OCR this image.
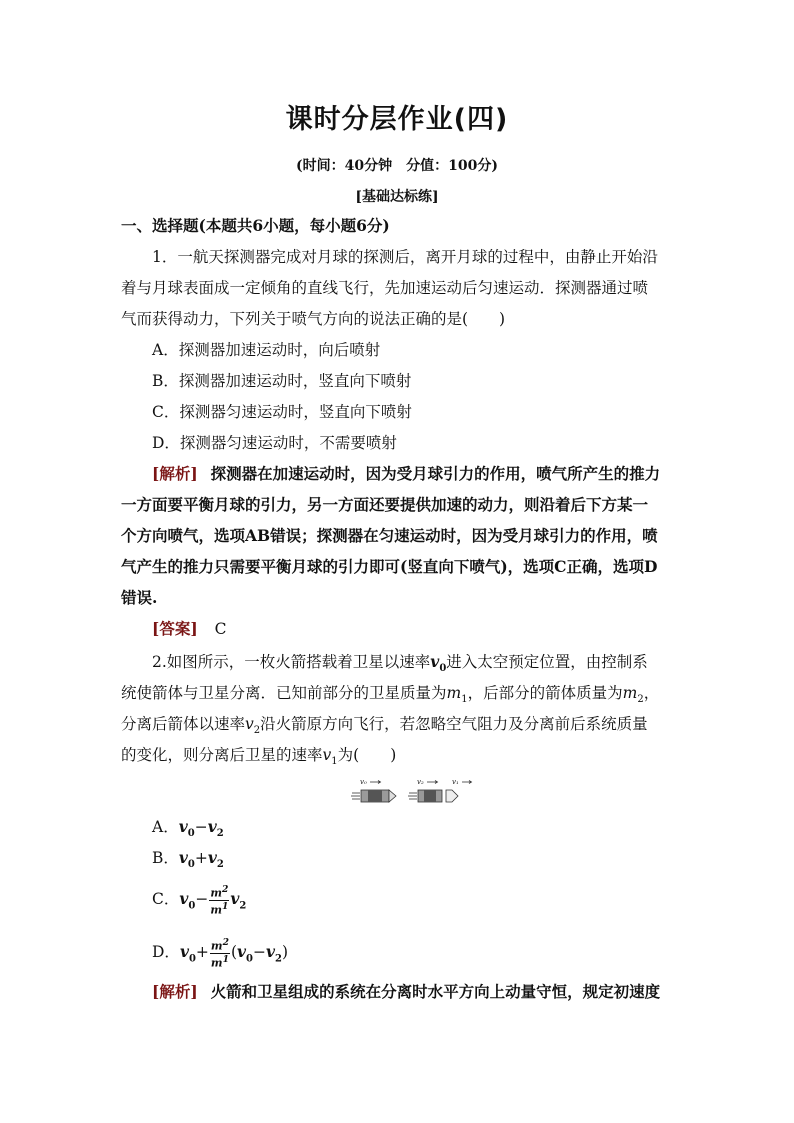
课时分层作业(四)
(时间：40分钟　分值：100分)
[基础达标练]
一、选择题(本题共6小题，每小题6分)
1．一航天探测器完成对月球的探测后，离开月球的过程中，由静止开始沿
着与月球表面成一定倾角的直线飞行，先加速运动后匀速运动．探测器通过喷
气而获得动力，下列关于喷气方向的说法正确的是(　　)
A．探测器加速运动时，向后喷射
B．探测器加速运动时，竖直向下喷射
C．探测器匀速运动时，竖直向下喷射
D．探测器匀速运动时，不需要喷射
[解析] 探测器在加速运动时，因为受月球引力的作用，喷气所产生的推力
一方面要平衡月球的引力，另一方面还要提供加速的动力，则沿着后下方某一
个方向喷气，选项AB错误；探测器在匀速运动时，因为受月球引力的作用，喷
气产生的推力只需要平衡月球的引力即可(竖直向下喷气)，选项C正确，选项D
错误.
[答案] C
2.如图所示，一枚火箭搭载着卫星以速率$v_0$进入太空预定位置，由控制系
统使箭体与卫星分离．已知前部分的卫星质量为$m_1$，后部分的箭体质量为$m_2$，
分离后箭体以速率$v_2$沿火箭原方向飞行，若忽略空气阻力及分离前后系统质量
的变化，则分离后卫星的速率$v_1$为(　　)
v₀	v₂	v₁
A．$v_0-v_2$
B．$v_0+v_2$
C．$v_0- \frac{m^2}{m^1} v_2$
D．$v_0+ \frac{m^2}{m^1} (v_0-v_2)$
[解析] 火箭和卫星组成的系统在分离时水平方向上动量守恒，规定初速度
